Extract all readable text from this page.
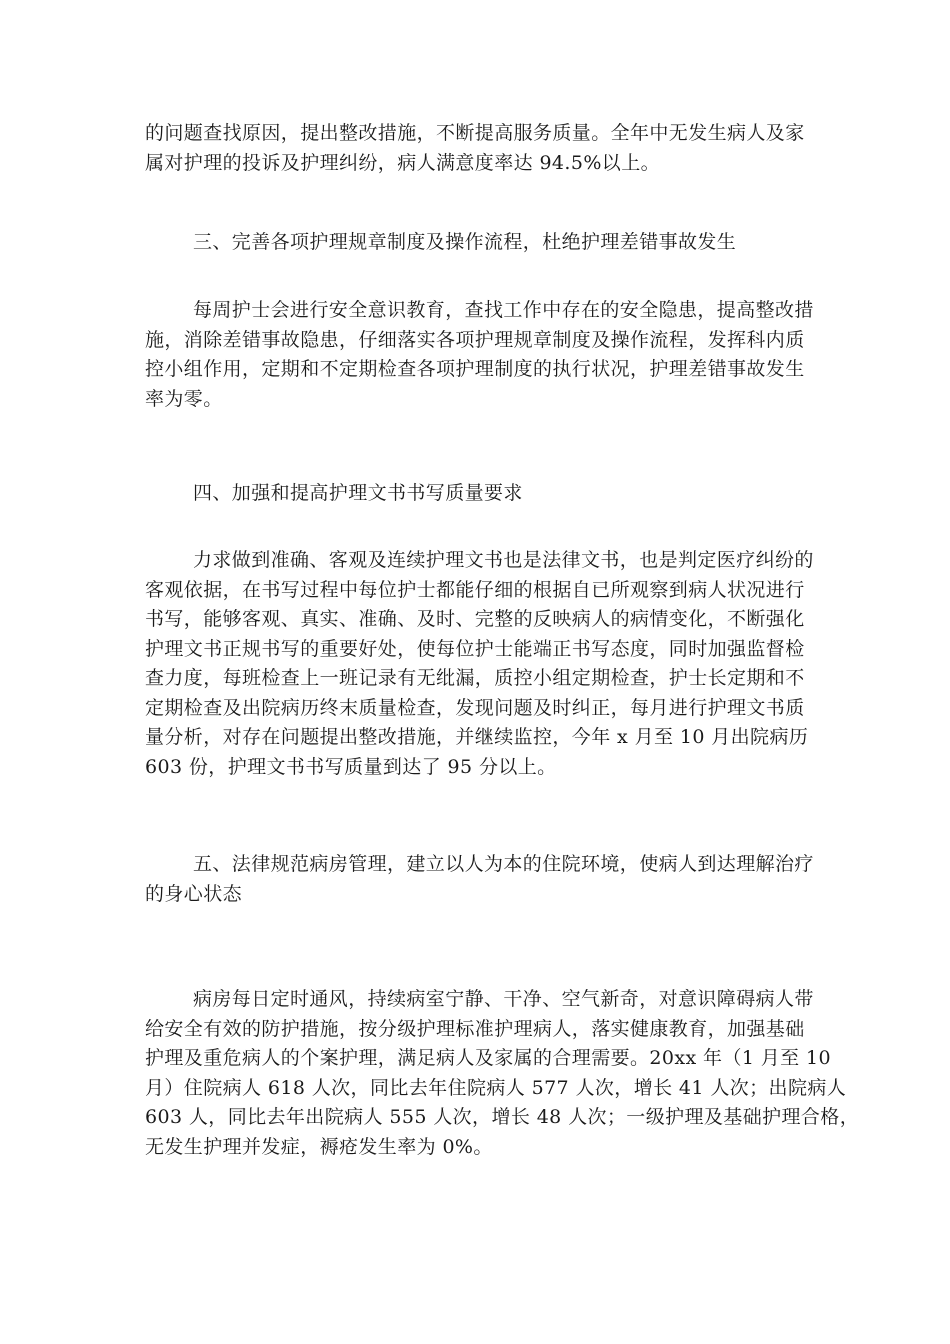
的问题查找原因，提出整改措施，不断提高服务质量。全年中无发生病人及家
属对护理的投诉及护理纠纷，病人满意度率达 94.5%以上。
三、完善各项护理规章制度及操作流程，杜绝护理差错事故发生
每周护士会进行安全意识教育，查找工作中存在的安全隐患，提高整改措
施，消除差错事故隐患，仔细落实各项护理规章制度及操作流程，发挥科内质
控小组作用，定期和不定期检查各项护理制度的执行状况，护理差错事故发生
率为零。
四、加强和提高护理文书书写质量要求
力求做到准确、客观及连续护理文书也是法律文书，也是判定医疗纠纷的
客观依据，在书写过程中每位护士都能仔细的根据自已所观察到病人状况进行
书写，能够客观、真实、准确、及时、完整的反映病人的病情变化，不断强化
护理文书正规书写的重要好处，使每位护士能端正书写态度，同时加强监督检
查力度，每班检查上一班记录有无纰漏，质控小组定期检查，护士长定期和不
定期检查及出院病历终末质量检查，发现问题及时纠正，每月进行护理文书质
量分析，对存在问题提出整改措施，并继续监控，今年 x 月至 10 月出院病历
603 份，护理文书书写质量到达了 95 分以上。
五、法律规范病房管理，建立以人为本的住院环境，使病人到达理解治疗
的身心状态
病房每日定时通风，持续病室宁静、干净、空气新奇，对意识障碍病人带
给安全有效的防护措施，按分级护理标准护理病人，落实健康教育，加强基础
护理及重危病人的个案护理，满足病人及家属的合理需要。20xx 年（1 月至 10
月）住院病人 618 人次，同比去年住院病人 577 人次，增长 41 人次；出院病人
603 人，同比去年出院病人 555 人次，增长 48 人次；一级护理及基础护理合格，
无发生护理并发症，褥疮发生率为 0%。
